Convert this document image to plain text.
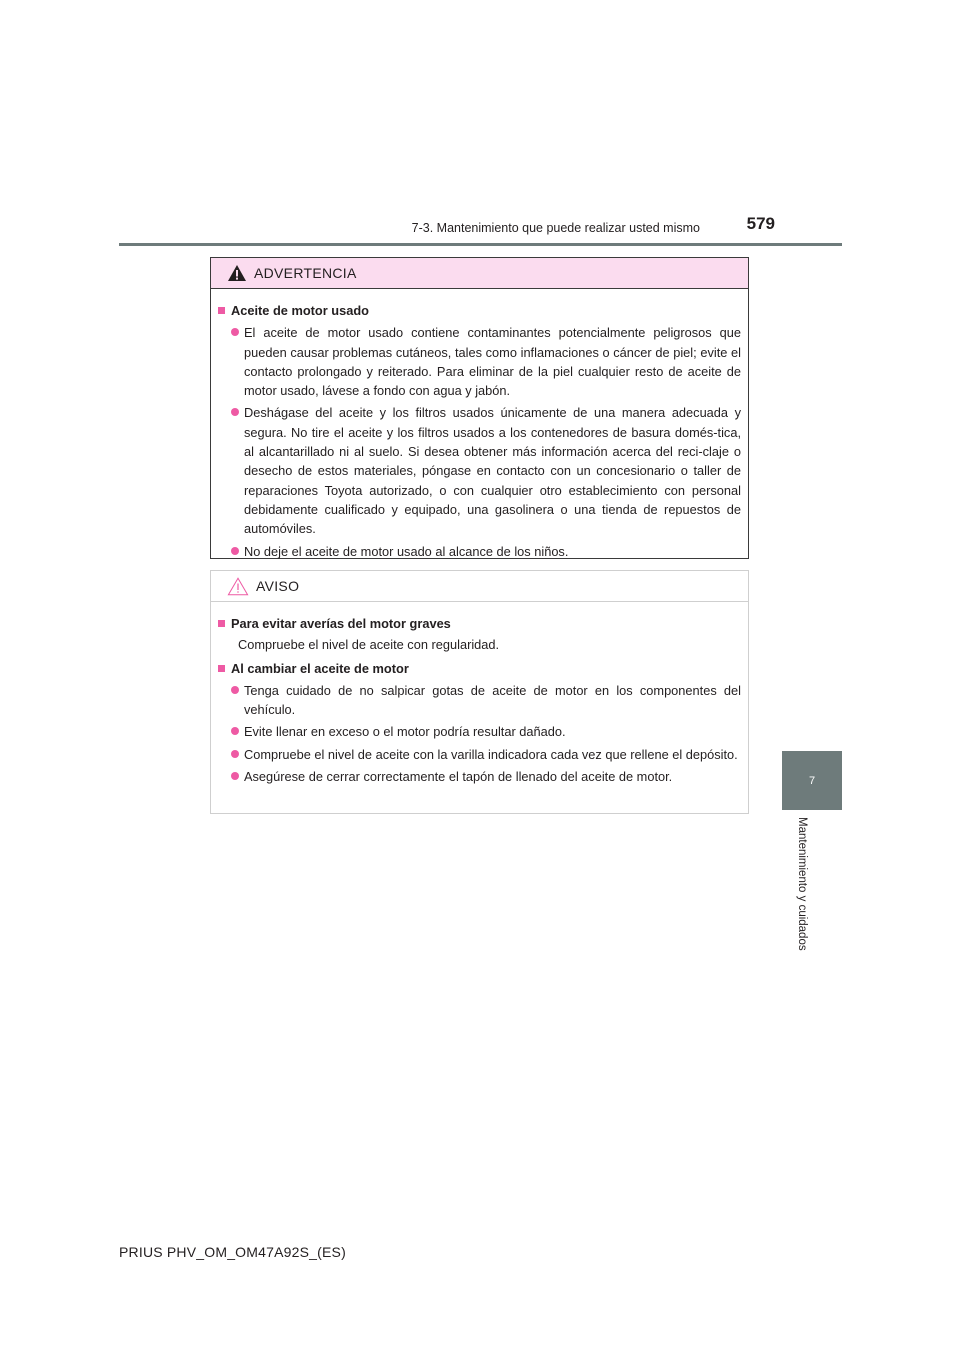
7-3. Mantenimiento que puede realizar usted mismo	579
7
Mantenimiento y cuidados
ADVERTENCIA
Aceite de motor usado

El aceite de motor usado contiene contaminantes potencialmente peligrosos que pueden causar problemas cutáneos, tales como inflamaciones o cáncer de piel; evite el contacto prolongado y reiterado. Para eliminar de la piel cualquier resto de aceite de motor usado, lávese a fondo con agua y jabón.

Deshágase del aceite y los filtros usados únicamente de una manera adecuada y segura. No tire el aceite y los filtros usados a los contenedores de basura domés-tica, al alcantarillado ni al suelo. Si desea obtener más información acerca del reci-claje o desecho de estos materiales, póngase en contacto con un concesionario o taller de reparaciones Toyota autorizado, o con cualquier otro establecimiento con personal debidamente cualificado y equipado, una gasolinera o una tienda de repuestos de automóviles.

No deje el aceite de motor usado al alcance de los niños.

AVISO
Para evitar averías del motor graves
Compruebe el nivel de aceite con regularidad.
Al cambiar el aceite de motor

Tenga cuidado de no salpicar gotas de aceite de motor en los componentes del vehículo.

Evite llenar en exceso o el motor podría resultar dañado.

Compruebe el nivel de aceite con la varilla indicadora cada vez que rellene el depósito.

Asegúrese de cerrar correctamente el tapón de llenado del aceite de motor.

PRIUS PHV_OM_OM47A92S_(ES)
